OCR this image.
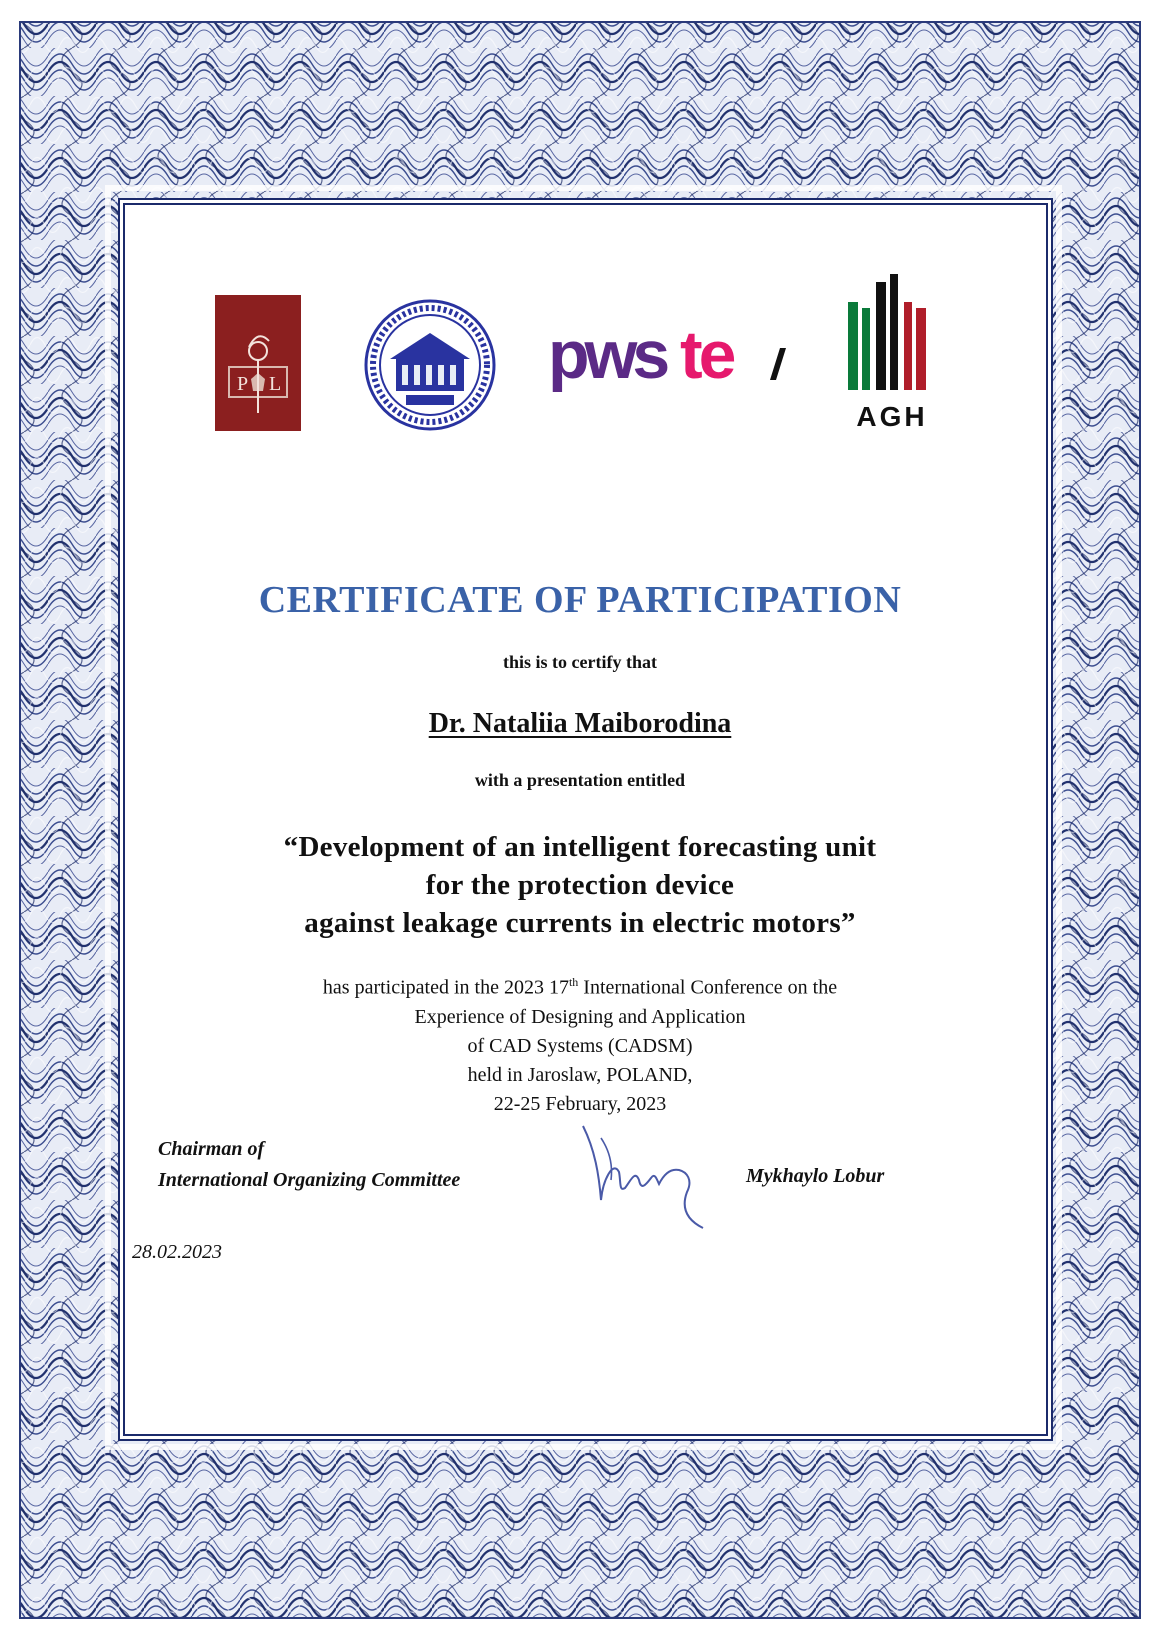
P L	pws te
AGH
CERTIFICATE OF PARTICIPATION
this is to certify that
Dr. Nataliia Maiborodina
with a presentation entitled
“Development of an intelligent forecasting unit
for the protection device
against leakage currents in electric motors”
has participated in the 2023 17th International Conference on the
Experience of Designing and Application
of CAD Systems (CADSM)
held in Jaroslaw, POLAND,
22-25 February, 2023
Chairman of
International Organizing Committee	Mykhaylo Lobur
28.02.2023
